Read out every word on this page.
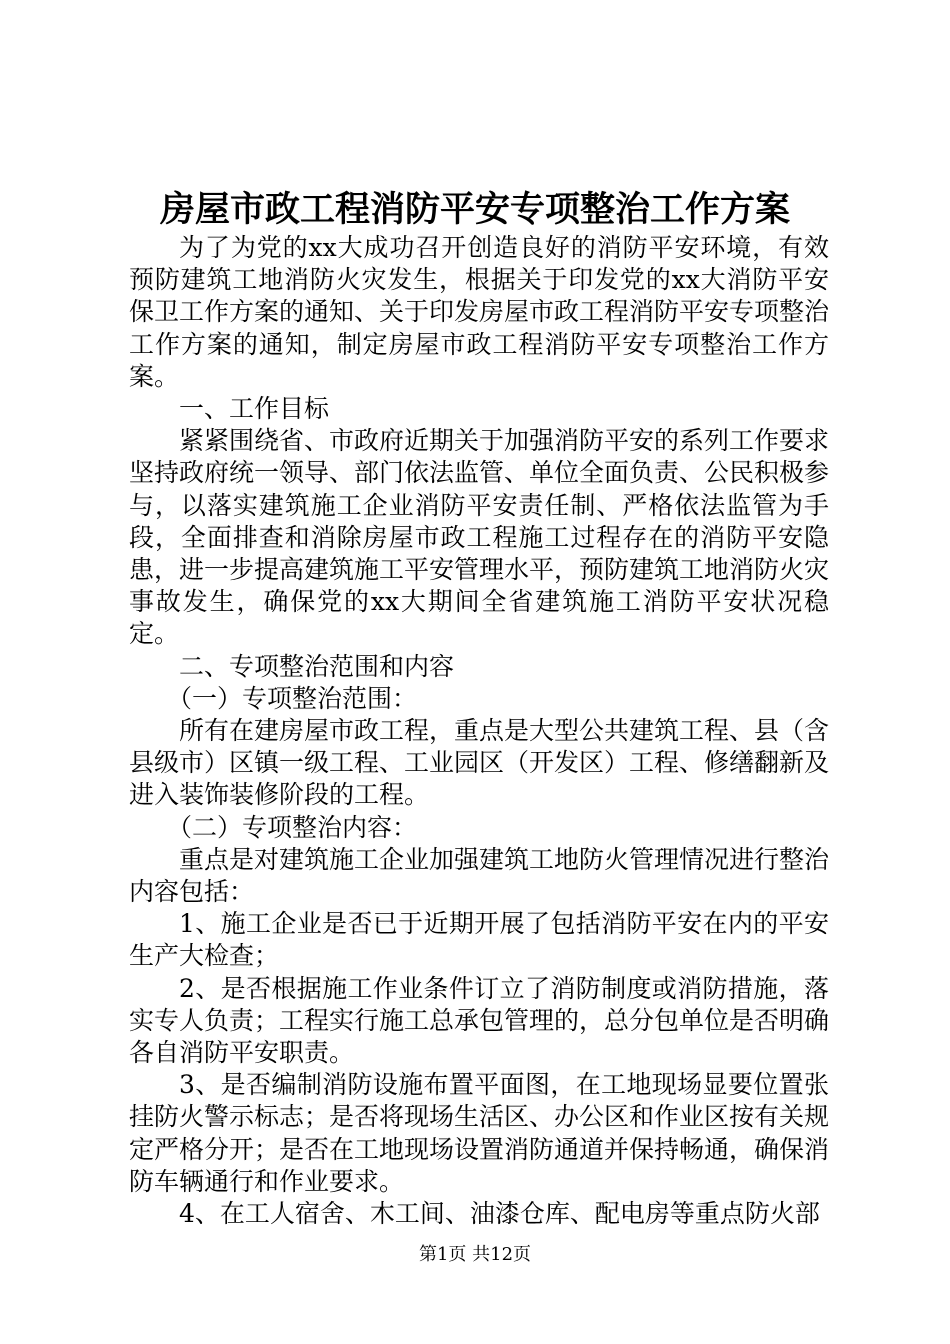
房屋市政工程消防平安专项整治工作方案

为了为党的xx大成功召开创造良好的消防平安环境，有效预防建筑工地消防火灾发生，根据关于印发党的xx大消防平安保卫工作方案的通知、关于印发房屋市政工程消防平安专项整治工作方案的通知，制定房屋市政工程消防平安专项整治工作方案。

一、工作目标

紧紧围绕省、市政府近期关于加强消防平安的系列工作要求坚持政府统一领导、部门依法监管、单位全面负责、公民积极参与，以落实建筑施工企业消防平安责任制、严格依法监管为手段，全面排查和消除房屋市政工程施工过程存在的消防平安隐患，进一步提高建筑施工平安管理水平，预防建筑工地消防火灾事故发生，确保党的xx大期间全省建筑施工消防平安状况稳定。

二、专项整治范围和内容

（一）专项整治范围：

所有在建房屋市政工程，重点是大型公共建筑工程、县（含县级市）区镇一级工程、工业园区（开发区）工程、修缮翻新及进入装饰装修阶段的工程。

（二）专项整治内容：

重点是对建筑施工企业加强建筑工地防火管理情况进行整治内容包括：

1、施工企业是否已于近期开展了包括消防平安在内的平安生产大检查；

2、是否根据施工作业条件订立了消防制度或消防措施，落实专人负责；工程实行施工总承包管理的，总分包单位是否明确各自消防平安职责。

3、是否编制消防设施布置平面图，在工地现场显要位置张挂防火警示标志；是否将现场生活区、办公区和作业区按有关规定严格分开；是否在工地现场设置消防通道并保持畅通，确保消防车辆通行和作业要求。

4、在工人宿舍、木工间、油漆仓库、配电房等重点防火部

第1页 共12页
